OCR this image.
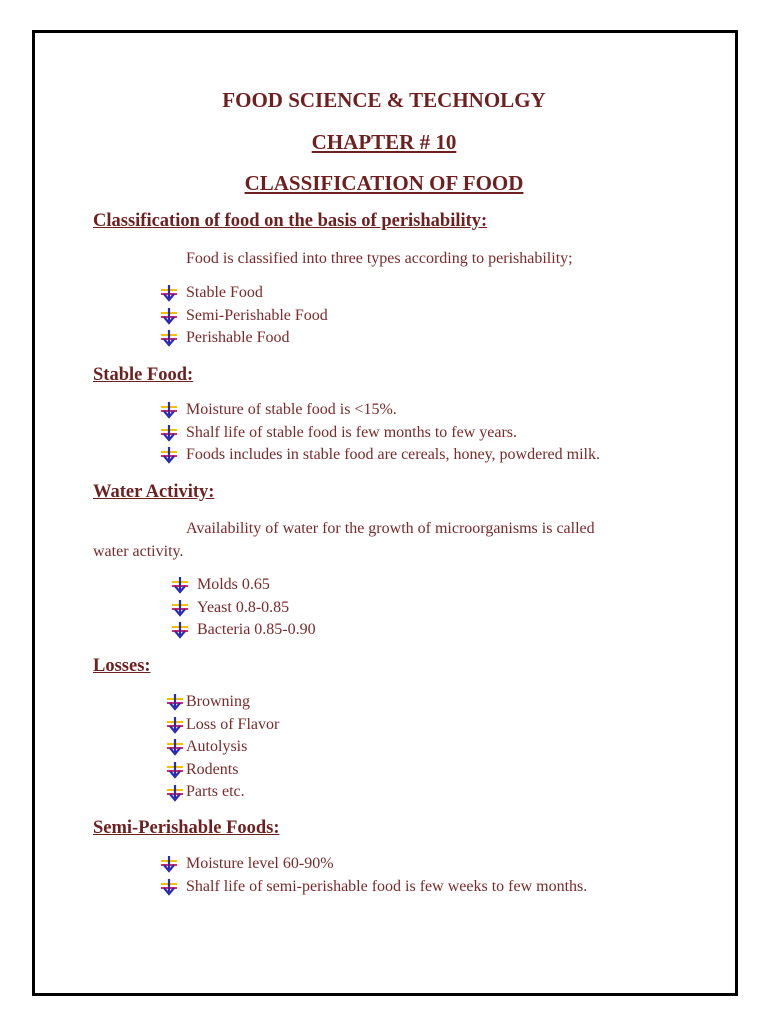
FOOD SCIENCE & TECHNOLGY
CHAPTER # 10
CLASSIFICATION OF FOOD
Classification of food on the basis of perishability:
Food is classified into three types according to perishability;
Stable Food
Semi-Perishable Food
Perishable Food
Stable Food:
Moisture of stable food is <15%.
Shalf life of stable food is few months to few years.
Foods includes in stable food are cereals, honey, powdered milk.
Water Activity:
Availability of water for the growth of microorganisms is called
water activity.
Molds 0.65
Yeast 0.8-0.85
Bacteria 0.85-0.90
Losses:
Browning
Loss of Flavor
Autolysis
Rodents
Parts etc.
Semi-Perishable Foods:
Moisture level 60-90%
Shalf life of semi-perishable food is few weeks to few months.
